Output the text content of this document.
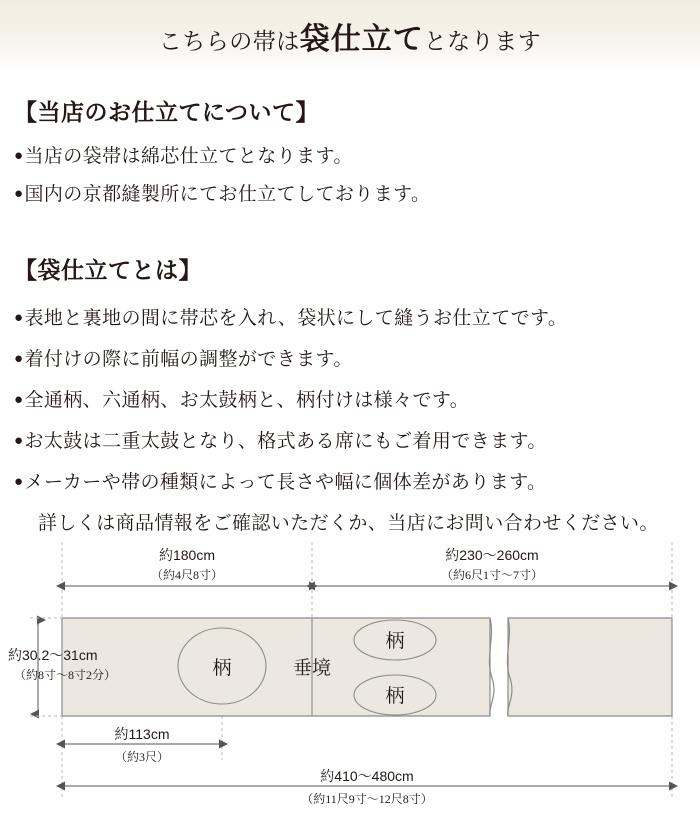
こちらの帯は袋仕立てとなります
【当店のお仕立てについて】
●当店の袋帯は綿芯仕立てとなります。
●国内の京都縫製所にてお仕立てしております。
【袋仕立てとは】
●表地と裏地の間に帯芯を入れ、袋状にして縫うお仕立てです。
●着付けの際に前幅の調整ができます。
●全通柄、六通柄、お太鼓柄と、柄付けは様々です。
●お太鼓は二重太鼓となり、格式ある席にもご着用できます。
●メーカーや帯の種類によって長さや幅に個体差があります。
詳しくは商品情報をご確認いただくか、当店にお問い合わせください。
柄
柄
柄
垂境
約180cm
（約4尺8寸）
約230〜260cm
（約6尺1寸〜7寸）
約30.2〜31cm
（約8寸〜8寸2分）
約113cm
（約3尺）
約410〜480cm
（約11尺9寸〜12尺8寸）
